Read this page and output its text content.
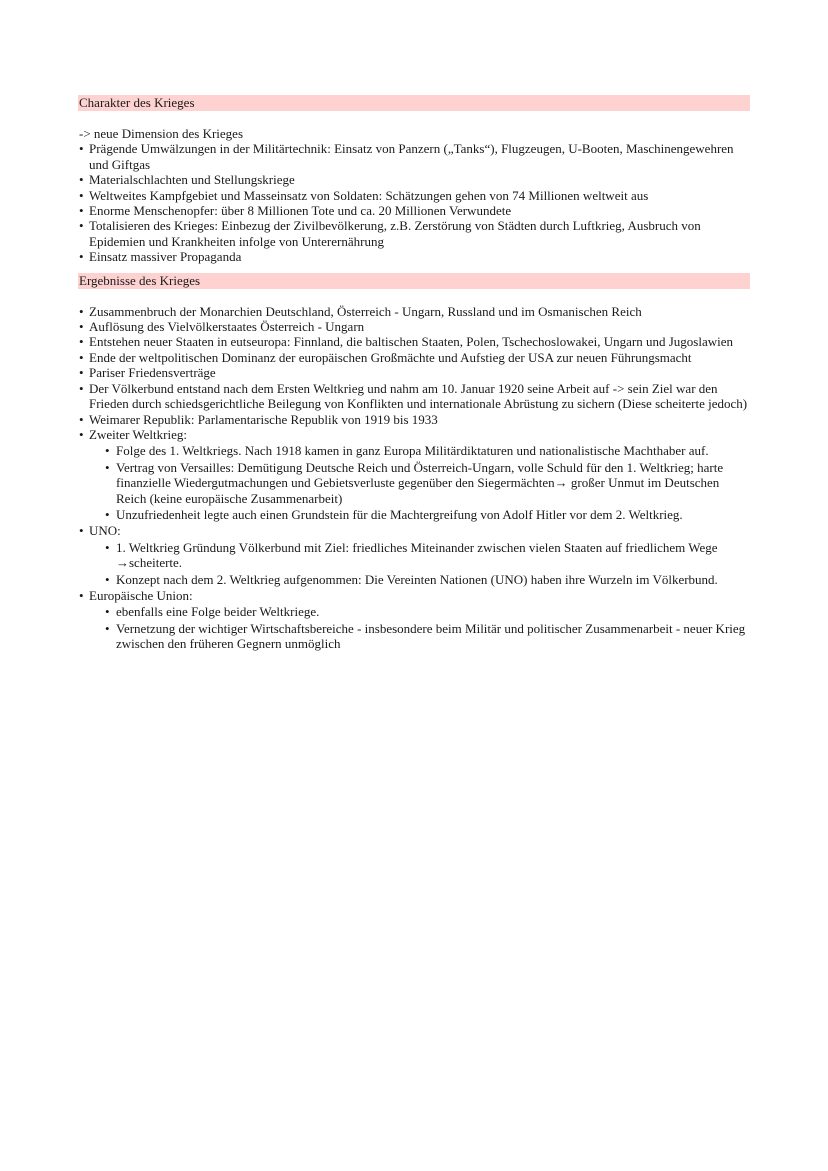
Charakter des Krieges
-> neue Dimension des Krieges
• Prägende Umwälzungen in der Militärtechnik: Einsatz von Panzern („Tanks“), Flugzeugen, U-Booten, Maschinengewehren und Giftgas
• Materialschlachten und Stellungskriege
• Weltweites Kampfgebiet und Masseinsatz von Soldaten: Schätzungen gehen von 74 Millionen weltweit aus
• Enorme Menschenopfer: über 8 Millionen Tote und ca. 20 Millionen Verwundete
• Totalisieren des Krieges: Einbezug der Zivilbevölkerung, z.B. Zerstörung von Städten durch Luftkrieg, Ausbruch von Epidemien und Krankheiten infolge von Unterernährung
• Einsatz massiver Propaganda
Ergebnisse des Krieges
• Zusammenbruch der Monarchien Deutschland, Österreich - Ungarn, Russland und im Osmanischen Reich
• Auflösung des Vielvölkerstaates Österreich - Ungarn
• Entstehen neuer Staaten in eutseuropa: Finnland, die baltischen Staaten, Polen, Tschechoslowakei, Ungarn und Jugoslawien
• Ende der weltpolitischen Dominanz der europäischen Großmächte und Aufstieg der USA zur neuen Führungsmacht
• Pariser Friedensverträge
• Der Völkerbund entstand nach dem Ersten Weltkrieg und nahm am 10. Januar 1920 seine Arbeit auf -> sein Ziel war den Frieden durch schiedsgerichtliche Beilegung von Konflikten und internationale Abrüstung zu sichern (Diese scheiterte jedoch)
• Weimarer Republik: Parlamentarische Republik von 1919 bis 1933
• Zweiter Weltkrieg:
• Folge des 1. Weltkriegs. Nach 1918 kamen in ganz Europa Militärdiktaturen und nationalistische Machthaber auf.
• Vertrag von Versailles: Demütigung Deutsche Reich und Österreich-Ungarn, volle Schuld für den 1. Weltkrieg; harte finanzielle Wiedergutmachungen und Gebietsverluste gegenüber den Siegermächten→ großer Unmut im Deutschen Reich (keine europäische Zusammenarbeit)
• Unzufriedenheit legte auch einen Grundstein für die Machtergreifung von Adolf Hitler vor dem 2. Weltkrieg.
• UNO:
• 1. Weltkrieg Gründung Völkerbund mit Ziel: friedliches Miteinander zwischen vielen Staaten auf friedlichem Wege →scheiterte.
• Konzept nach dem 2. Weltkrieg aufgenommen: Die Vereinten Nationen (UNO) haben ihre Wurzeln im Völkerbund.
• Europäische Union:
• ebenfalls eine Folge beider Weltkriege.
• Vernetzung der wichtiger Wirtschaftsbereiche - insbesondere beim Militär und politischer Zusammenarbeit - neuer Krieg zwischen den früheren Gegnern unmöglich
